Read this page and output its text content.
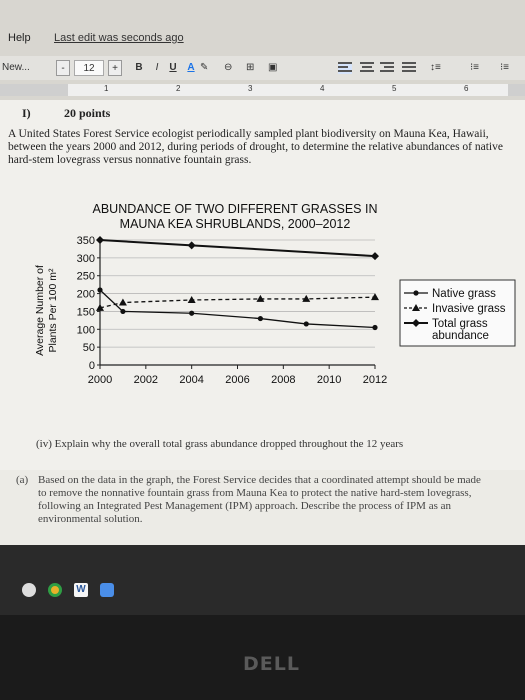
Help Last edit was seconds ago
New...	-	12	+	B	I	U	A ✎ ⊖ ⊞ ▣	↕≡	⁝≡ ⁝≡
1	2	3	4	5	6
I)	20 points

A United States Forest Service ecologist periodically sampled plant biodiversity on Mauna Kea, Hawaii, between the years 2000 and 2012, during periods of drought, to determine the relative abundances of native hard-stem lovegrass versus nonnative fountain grass.

ABUNDANCE OF TWO DIFFERENT GRASSES IN
MAUNA KEA SHRUBLANDS, 2000–2012
0
50
100
150
200
250
300
350
2000 2002 2004 2006 2008 2010 2012
Average Number of Plants Per 100 m²	Native grass
Invasive grass
Total grass
abundance

(iv) Explain why the overall total grass abundance dropped throughout the 12 years

(a) Based on the data in the graph, the Forest Service decides that a coordinated attempt should be made to remove the nonnative fountain grass from Mauna Kea to protect the native hard-stem lovegrass, following an Integrated Pest Management (IPM) approach. Describe the process of IPM as an environmental solution.

W
DELL
